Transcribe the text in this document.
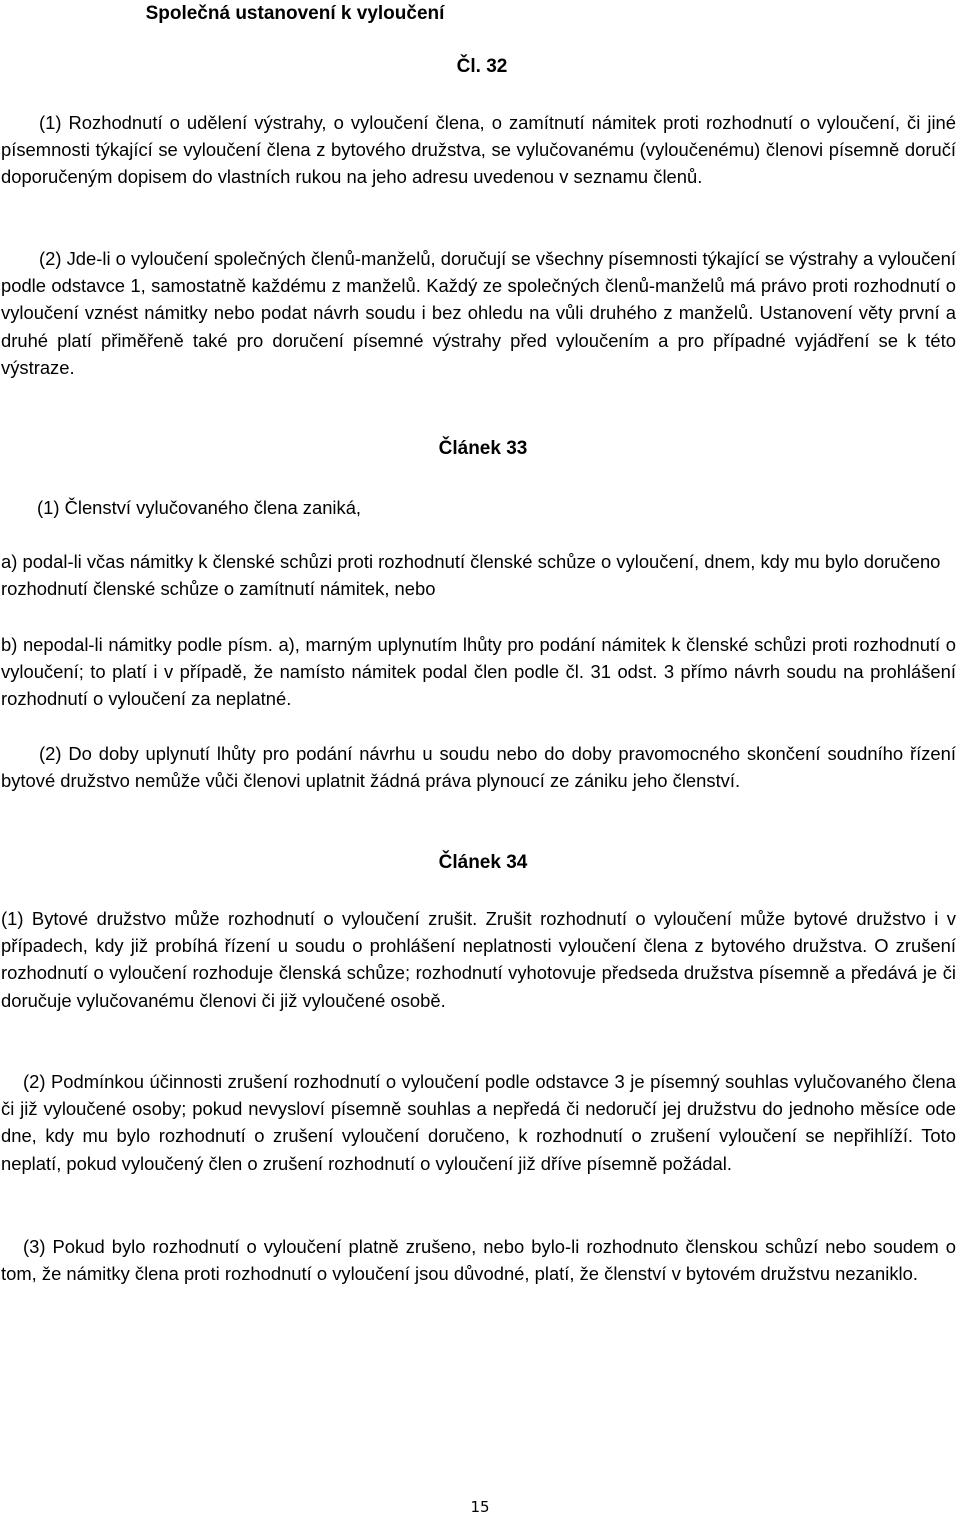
Společná ustanovení k vyloučení

Čl. 32

(1) Rozhodnutí o udělení výstrahy, o vyloučení člena, o zamítnutí námitek proti rozhodnutí o vyloučení, či jiné písemnosti týkající se vyloučení člena z bytového družstva, se vylučovanému (vyloučenému) členovi písemně doručí doporučeným dopisem do vlastních rukou na jeho adresu uvedenou v seznamu členů.

(2) Jde-li o vyloučení společných členů-manželů, doručují se všechny písemnosti týkající se výstrahy a vyloučení podle odstavce 1, samostatně každému z manželů. Každý ze společných členů-manželů má právo proti rozhodnutí o vyloučení vznést námitky nebo podat návrh soudu i bez ohledu na vůli druhého z manželů. Ustanovení věty první a druhé platí přiměřeně také pro doručení písemné výstrahy před vyloučením a pro případné vyjádření se k této výstraze.

Článek 33

(1) Členství vylučovaného člena zaniká,

a) podal-li včas námitky k členské schůzi proti rozhodnutí členské schůze o vyloučení, dnem, kdy mu bylo doručeno rozhodnutí členské schůze o zamítnutí námitek, nebo

b) nepodal-li námitky podle písm. a), marným uplynutím lhůty pro podání námitek k členské schůzi proti rozhodnutí o vyloučení; to platí i v případě, že namísto námitek podal člen podle čl. 31 odst. 3 přímo návrh soudu na prohlášení rozhodnutí o vyloučení za neplatné.

(2) Do doby uplynutí lhůty pro podání návrhu u soudu nebo do doby pravomocného skončení soudního řízení bytové družstvo nemůže vůči členovi uplatnit žádná práva plynoucí ze zániku jeho členství.

Článek 34

(1) Bytové družstvo může rozhodnutí o vyloučení zrušit. Zrušit rozhodnutí o vyloučení může bytové družstvo i v případech, kdy již probíhá řízení u soudu o prohlášení neplatnosti vyloučení člena z bytového družstva. O zrušení rozhodnutí o vyloučení rozhoduje členská schůze; rozhodnutí vyhotovuje předseda družstva písemně a předává je či doručuje vylučovanému členovi či již vyloučené osobě.

(2) Podmínkou účinnosti zrušení rozhodnutí o vyloučení podle odstavce 3 je písemný souhlas vylučovaného člena či již vyloučené osoby; pokud nevysloví písemně souhlas a nepředá či nedoručí jej družstvu do jednoho měsíce ode dne, kdy mu bylo rozhodnutí o zrušení vyloučení doručeno, k rozhodnutí o zrušení vyloučení se nepřihlíží. Toto neplatí, pokud vyloučený člen o zrušení rozhodnutí o vyloučení již dříve písemně požádal.

(3) Pokud bylo rozhodnutí o vyloučení platně zrušeno, nebo bylo-li rozhodnuto členskou schůzí nebo soudem o tom, že námitky člena proti rozhodnutí o vyloučení jsou důvodné, platí, že členství v bytovém družstvu nezaniklo.

15
